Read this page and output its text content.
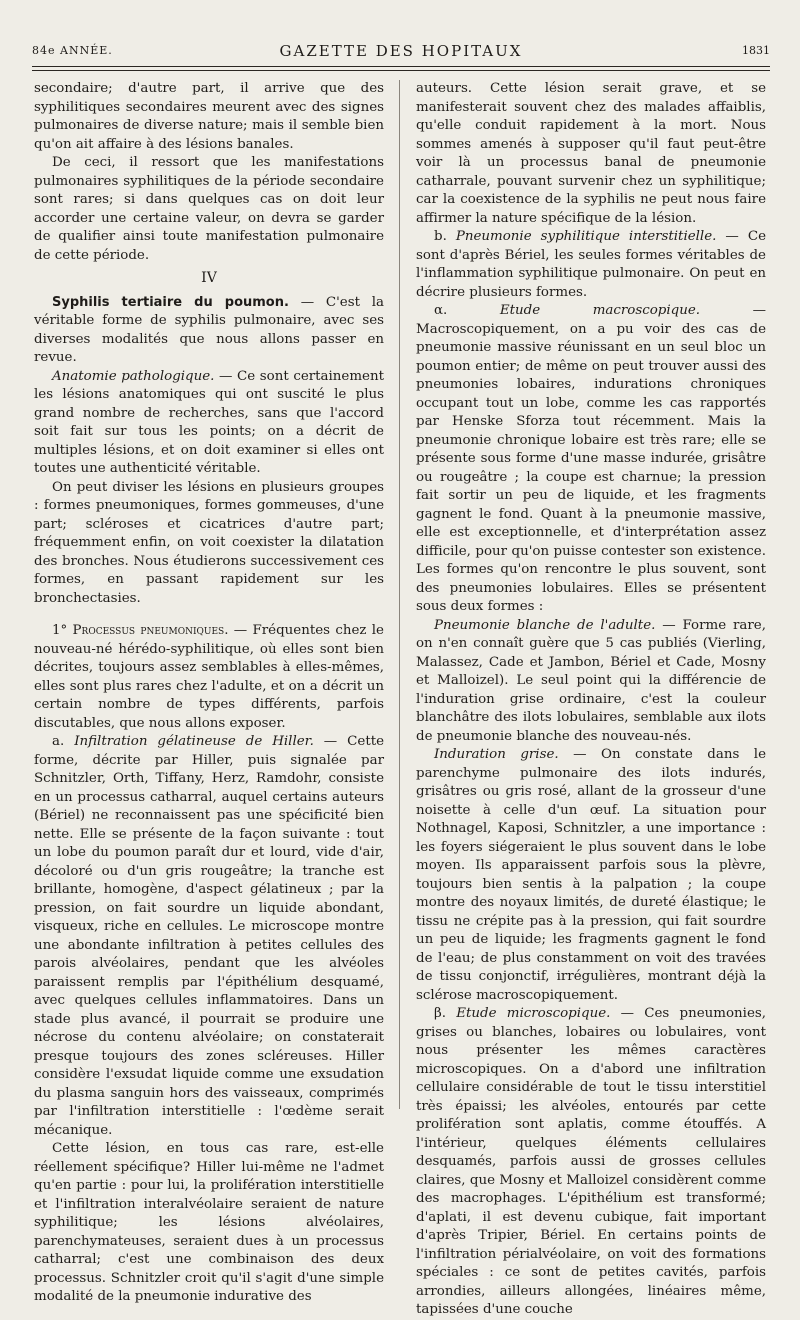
84e ANNÉE.	GAZETTE DES HOPITAUX	1831

secondaire; d'autre part, il arrive que des syphilitiques secondaires meurent avec des signes pulmonaires de diverse nature; mais il semble bien qu'on ait affaire à des lésions banales.

De ceci, il ressort que les manifestations pulmonaires syphilitiques de la période secondaire sont rares; si dans quelques cas on doit leur accorder une certaine valeur, on devra se garder de qualifier ainsi toute manifestation pulmonaire de cette période.

IV

Syphilis tertiaire du poumon. — C'est la véritable forme de syphilis pulmonaire, avec ses diverses modalités que nous allons passer en revue.

Anatomie pathologique. — Ce sont certainement les lésions anatomiques qui ont suscité le plus grand nombre de recherches, sans que l'accord soit fait sur tous les points; on a décrit de multiples lésions, et on doit examiner si elles ont toutes une authenticité véritable.

On peut diviser les lésions en plusieurs groupes : formes pneumoniques, formes gommeuses, d'une part; scléroses et cicatrices d'autre part; fréquemment enfin, on voit coexister la dilatation des bronches. Nous étudierons successivement ces formes, en passant rapidement sur les bronchectasies.

1° Processus pneumoniques. — Fréquentes chez le nouveau-né hérédo-syphilitique, où elles sont bien décrites, toujours assez semblables à elles-mêmes, elles sont plus rares chez l'adulte, et on a décrit un certain nombre de types différents, parfois discutables, que nous allons exposer.

a. Infiltration gélatineuse de Hiller. — Cette forme, décrite par Hiller, puis signalée par Schnitzler, Orth, Tiffany, Herz, Ramdohr, consiste en un processus catharral, auquel certains auteurs (Bériel) ne reconnaissent pas une spécificité bien nette. Elle se présente de la façon suivante : tout un lobe du poumon paraît dur et lourd, vide d'air, décoloré ou d'un gris rougeâtre; la tranche est brillante, homogène, d'aspect gélatineux ; par la pression, on fait sourdre un liquide abondant, visqueux, riche en cellules. Le microscope montre une abondante infiltration à petites cellules des parois alvéolaires, pendant que les alvéoles paraissent remplis par l'épithélium desquamé, avec quelques cellules inflammatoires. Dans un stade plus avancé, il pourrait se produire une nécrose du contenu alvéolaire; on constaterait presque toujours des zones scléreuses. Hiller considère l'exsudat liquide comme une exsudation du plasma sanguin hors des vaisseaux, comprimés par l'infiltration interstitielle : l'œdème serait mécanique.

Cette lésion, en tous cas rare, est-elle réellement spécifique? Hiller lui-même ne l'admet qu'en partie : pour lui, la prolifération interstitielle et l'infiltration interalvéolaire seraient de nature syphilitique; les lésions alvéolaires, parenchymateuses, seraient dues à un processus catharral; c'est une combinaison des deux processus. Schnitzler croit qu'il s'agit d'une simple modalité de la pneumonie indurative des

auteurs. Cette lésion serait grave, et se manifesterait souvent chez des malades affaiblis, qu'elle conduit rapidement à la mort. Nous sommes amenés à supposer qu'il faut peut-être voir là un processus banal de pneumonie catharrale, pouvant survenir chez un syphilitique; car la coexistence de la syphilis ne peut nous faire affirmer la nature spécifique de la lésion.

b. Pneumonie syphilitique interstitielle. — Ce sont d'après Bériel, les seules formes véritables de l'inflammation syphilitique pulmonaire. On peut en décrire plusieurs formes.

α. Etude macroscopique. — Macroscopiquement, on a pu voir des cas de pneumonie massive réunissant en un seul bloc un poumon entier; de même on peut trouver aussi des pneumonies lobaires, indurations chroniques occupant tout un lobe, comme les cas rapportés par Henske Sforza tout récemment. Mais la pneumonie chronique lobaire est très rare; elle se présente sous forme d'une masse indurée, grisâtre ou rougeâtre ; la coupe est charnue; la pression fait sortir un peu de liquide, et les fragments gagnent le fond. Quant à la pneumonie massive, elle est exceptionnelle, et d'interprétation assez difficile, pour qu'on puisse contester son existence. Les formes qu'on rencontre le plus souvent, sont des pneumonies lobulaires. Elles se présentent sous deux formes :

Pneumonie blanche de l'adulte. — Forme rare, on n'en connaît guère que 5 cas publiés (Vierling, Malassez, Cade et Jambon, Bériel et Cade, Mosny et Malloizel). Le seul point qui la différencie de l'induration grise ordinaire, c'est la couleur blanchâtre des ilots lobulaires, semblable aux ilots de pneumonie blanche des nouveau-nés.

Induration grise. — On constate dans le parenchyme pulmonaire des ilots indurés, grisâtres ou gris rosé, allant de la grosseur d'une noisette à celle d'un œuf. La situation pour Nothnagel, Kaposi, Schnitzler, a une importance : les foyers siégeraient le plus souvent dans le lobe moyen. Ils apparaissent parfois sous la plèvre, toujours bien sentis à la palpation ; la coupe montre des noyaux limités, de dureté élastique; le tissu ne crépite pas à la pression, qui fait sourdre un peu de liquide; les fragments gagnent le fond de l'eau; de plus constamment on voit des travées de tissu conjonctif, irrégulières, montrant déjà la sclérose macroscopiquement.

β. Etude microscopique. — Ces pneumonies, grises ou blanches, lobaires ou lobulaires, vont nous présenter les mêmes caractères microscopiques. On a d'abord une infiltration cellulaire considérable de tout le tissu interstitiel très épaissi; les alvéoles, entourés par cette prolifération sont aplatis, comme étouffés. A l'intérieur, quelques éléments cellulaires desquamés, parfois aussi de grosses cellules claires, que Mosny et Malloizel considèrent comme des macrophages. L'épithélium est transformé; d'aplati, il est devenu cubique, fait important d'après Tripier, Bériel. En certains points de l'infiltration périalvéolaire, on voit des formations spéciales : ce sont de petites cavités, parfois arrondies, ailleurs allongées, linéaires même, tapissées d'une couche
